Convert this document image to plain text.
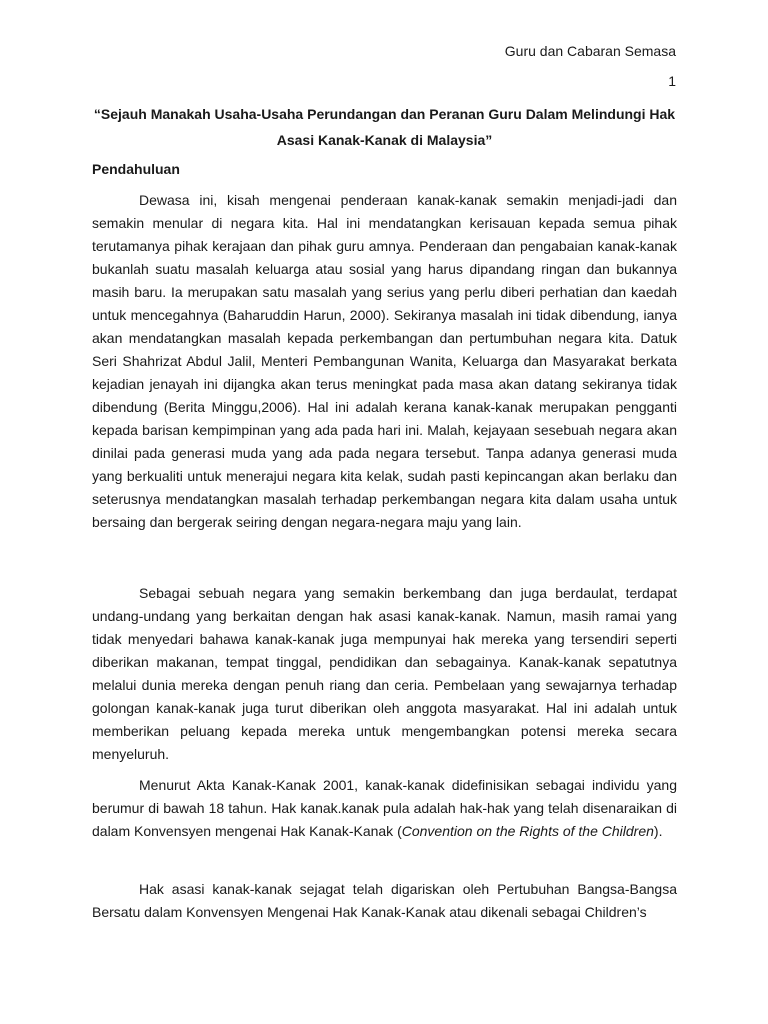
Guru dan Cabaran Semasa
1
“Sejauh Manakah Usaha-Usaha Perundangan dan Peranan Guru Dalam Melindungi Hak Asasi Kanak-Kanak di Malaysia”
Pendahuluan

Dewasa ini, kisah mengenai penderaan kanak-kanak semakin menjadi-jadi dan semakin menular di negara kita. Hal ini mendatangkan kerisauan kepada semua pihak terutamanya pihak kerajaan dan pihak guru amnya. Penderaan dan pengabaian kanak-kanak bukanlah suatu masalah keluarga atau sosial yang harus dipandang ringan dan bukannya masih baru. Ia merupakan satu masalah yang serius yang perlu diberi perhatian dan kaedah untuk mencegahnya (Baharuddin Harun, 2000). Sekiranya masalah ini tidak dibendung, ianya akan mendatangkan masalah kepada perkembangan dan pertumbuhan negara kita. Datuk Seri Shahrizat Abdul Jalil, Menteri Pembangunan Wanita, Keluarga dan Masyarakat berkata kejadian jenayah ini dijangka akan terus meningkat pada masa akan datang sekiranya tidak dibendung (Berita Minggu,2006). Hal ini adalah kerana kanak-kanak merupakan pengganti kepada barisan kempimpinan yang ada pada hari ini. Malah, kejayaan sesebuah negara akan dinilai pada generasi muda yang ada pada negara tersebut. Tanpa adanya generasi muda yang berkualiti untuk menerajui negara kita kelak, sudah pasti kepincangan akan berlaku dan seterusnya mendatangkan masalah terhadap perkembangan negara kita dalam usaha untuk bersaing dan bergerak seiring dengan negara-negara maju yang lain.

Sebagai sebuah negara yang semakin berkembang dan juga berdaulat, terdapat undang-undang yang berkaitan dengan hak asasi kanak-kanak. Namun, masih ramai yang tidak menyedari bahawa kanak-kanak juga mempunyai hak mereka yang tersendiri seperti diberikan makanan, tempat tinggal, pendidikan dan sebagainya. Kanak-kanak sepatutnya melalui dunia mereka dengan penuh riang dan ceria. Pembelaan yang sewajarnya terhadap golongan kanak-kanak juga turut diberikan oleh anggota masyarakat. Hal ini adalah untuk memberikan peluang kepada mereka untuk mengembangkan potensi mereka secara menyeluruh.

Menurut Akta Kanak-Kanak 2001, kanak-kanak didefinisikan sebagai individu yang berumur di bawah 18 tahun. Hak kanak.kanak pula adalah hak-hak yang telah disenaraikan di dalam Konvensyen mengenai Hak Kanak-Kanak (Convention on the Rights of the Children).

Hak asasi kanak-kanak sejagat telah digariskan oleh Pertubuhan Bangsa-Bangsa Bersatu dalam Konvensyen Mengenai Hak Kanak-Kanak atau dikenali sebagai Children’s
